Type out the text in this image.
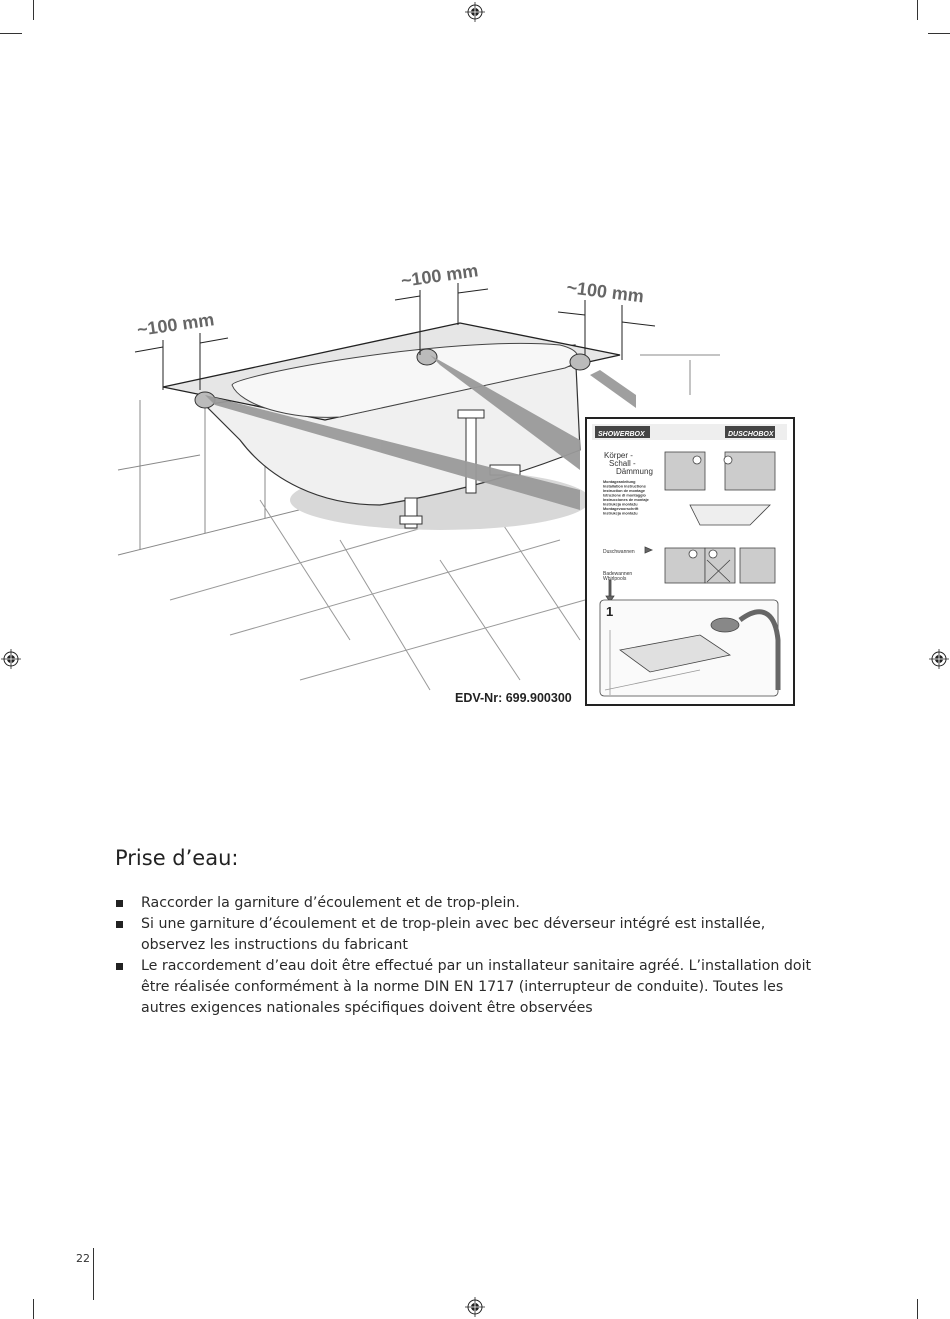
~100 mm
~100 mm
~100 mm
SHOWERBOX	DUSCHOBOX
Körper -
Schall -
Dämmung
Montageanleitung
Installation instructions
Instruction de montage
Istruzione di montaggio
Instrucciones de montaje
Instrukcja montażu
Montagevoorschrift
Instrukcja montażu
Duschwannen
Badewannen
Whirlpools
1
EDV-Nr: 699.900300
Prise d’eau:
Raccorder la garniture d’écoulement et de trop-plein.
Si une garniture d’écoulement et de trop-plein avec bec déverseur intégré est installée, observez les instructions du fabricant
Le raccordement d’eau doit être effectué par un installateur sanitaire agréé. L’installation doit être réalisée conformément à la norme DIN EN 1717 (interrupteur de conduite). Toutes les autres exigences nationales spécifiques doivent être observées
22
